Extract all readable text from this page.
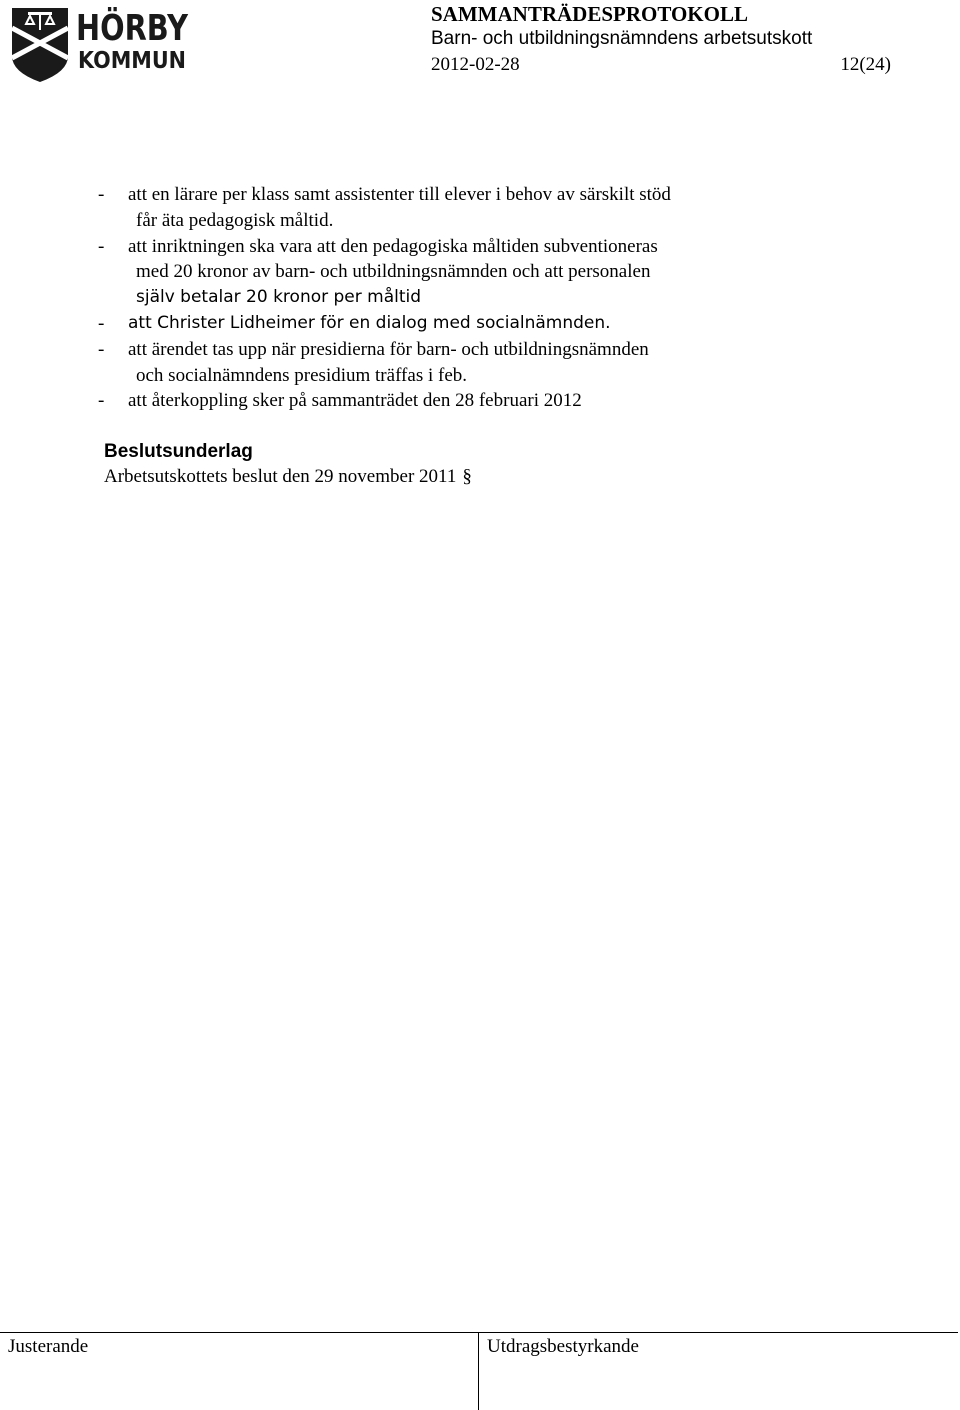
HÖRBY
KOMMUN
SAMMANTRÄDESPROTOKOLL
Barn- och utbildningsnämndens arbetsutskott
2012-02-28	12(24)
-	att en lärare per klass samt assistenter till elever i behov av särskilt stöd
får äta pedagogisk måltid.
-	att inriktningen ska vara att den pedagogiska måltiden subventioneras
med 20 kronor av barn- och utbildningsnämnden och att personalen
själv betalar 20 kronor per måltid
-	att Christer Lidheimer för en dialog med socialnämnden.
-	att ärendet tas upp när presidierna för barn- och utbildningsnämnden
och socialnämndens presidium träffas i feb.
-	att återkoppling sker på sammanträdet den 28 februari 2012
Beslutsunderlag
Arbetsutskottets beslut den 29 november 2011 §
Justerande	Utdragsbestyrkande
